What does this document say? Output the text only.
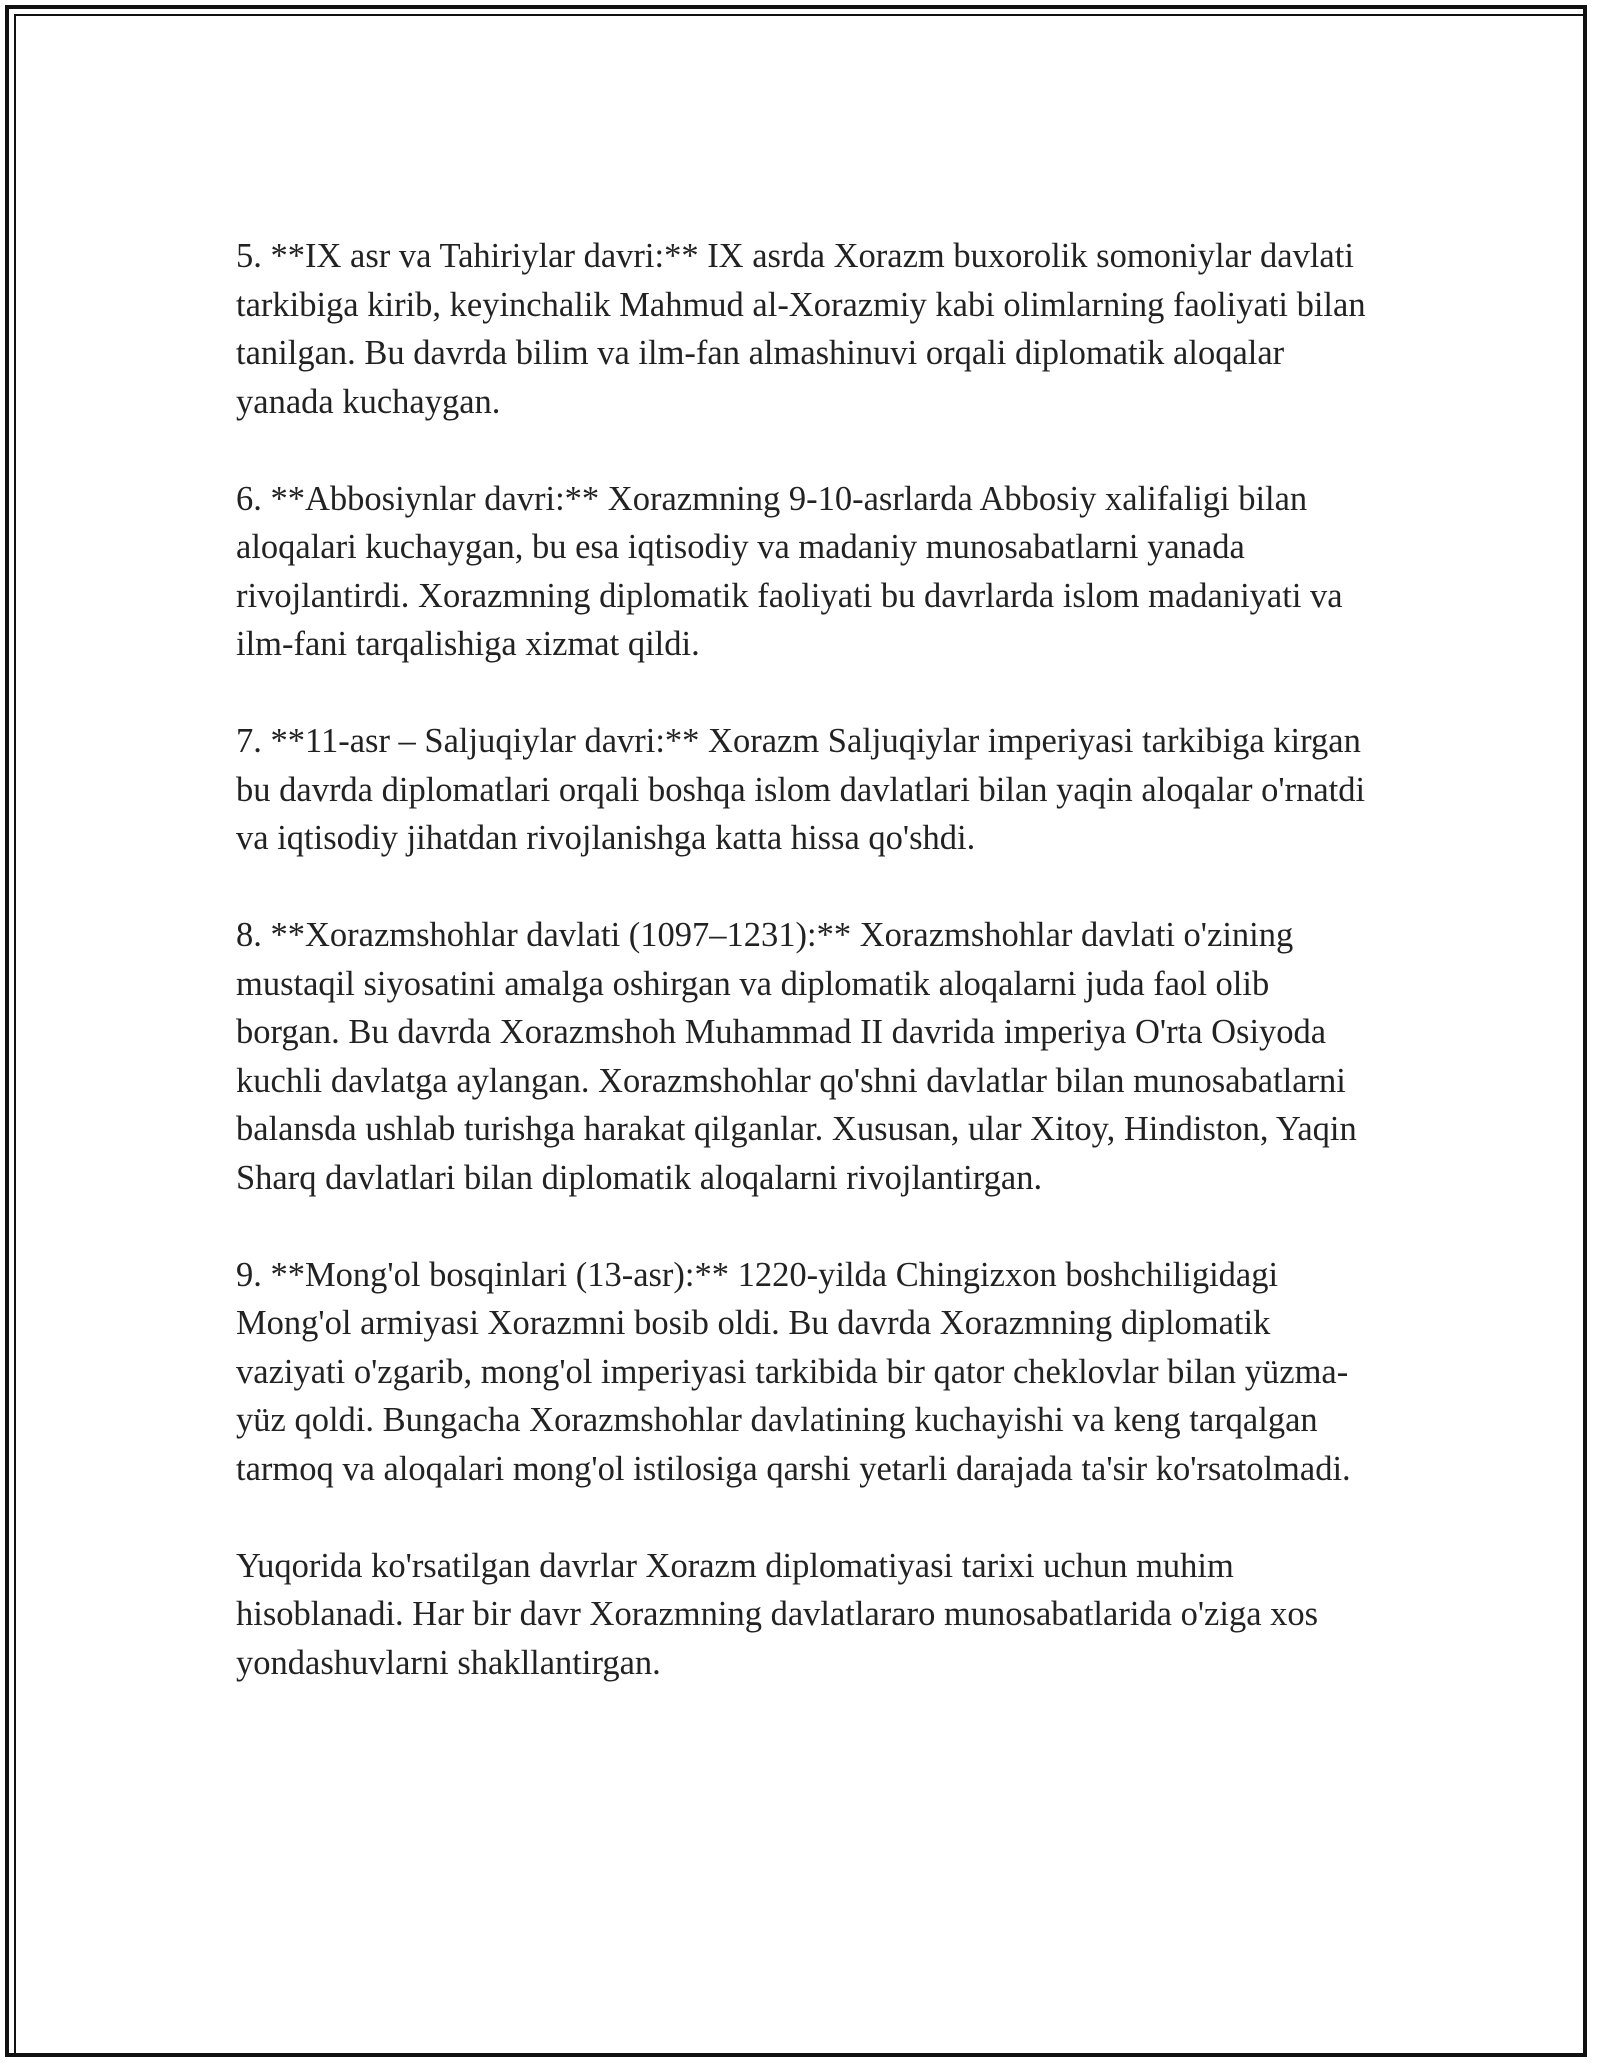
5. **IX asr va Tahiriylar davri:** IX asrda Xorazm buxorolik somoniylar davlati tarkibiga kirib, keyinchalik Mahmud al-Xorazmiy kabi olimlarning faoliyati bilan tanilgan. Bu davrda bilim va ilm-fan almashinuvi orqali diplomatik aloqalar yanada kuchaygan.

6. **Abbosiynlar davri:** Xorazmning 9-10-asrlarda Abbosiy xalifaligi bilan aloqalari kuchaygan, bu esa iqtisodiy va madaniy munosabatlarni yanada rivojlantirdi. Xorazmning diplomatik faoliyati bu davrlarda islom madaniyati va ilm-fani tarqalishiga xizmat qildi.

7. **11-asr – Saljuqiylar davri:** Xorazm Saljuqiylar imperiyasi tarkibiga kirgan bu davrda diplomatlari orqali boshqa islom davlatlari bilan yaqin aloqalar o'rnatdi va iqtisodiy jihatdan rivojlanishga katta hissa qo'shdi.

8. **Xorazmshohlar davlati (1097–1231):** Xorazmshohlar davlati o'zining mustaqil siyosatini amalga oshirgan va diplomatik aloqalarni juda faol olib borgan. Bu davrda Xorazmshoh Muhammad II davrida imperiya O'rta Osiyoda kuchli davlatga aylangan. Xorazmshohlar qo'shni davlatlar bilan munosabatlarni balansda ushlab turishga harakat qilganlar. Xususan, ular Xitoy, Hindiston, Yaqin Sharq davlatlari bilan diplomatik aloqalarni rivojlantirgan.

9. **Mong'ol bosqinlari (13-asr):** 1220-yilda Chingizxon boshchiligidagi Mong'ol armiyasi Xorazmni bosib oldi. Bu davrda Xorazmning diplomatik vaziyati o'zgarib, mong'ol imperiyasi tarkibida bir qator cheklovlar bilan yüzma-yüz qoldi. Bungacha Xorazmshohlar davlatining kuchayishi va keng tarqalgan tarmoq va aloqalari mong'ol istilosiga qarshi yetarli darajada ta'sir ko'rsatolmadi.

Yuqorida ko'rsatilgan davrlar Xorazm diplomatiyasi tarixi uchun muhim hisoblanadi. Har bir davr Xorazmning davlatlararo munosabatlarida o'ziga xos yondashuvlarni shakllantirgan.
